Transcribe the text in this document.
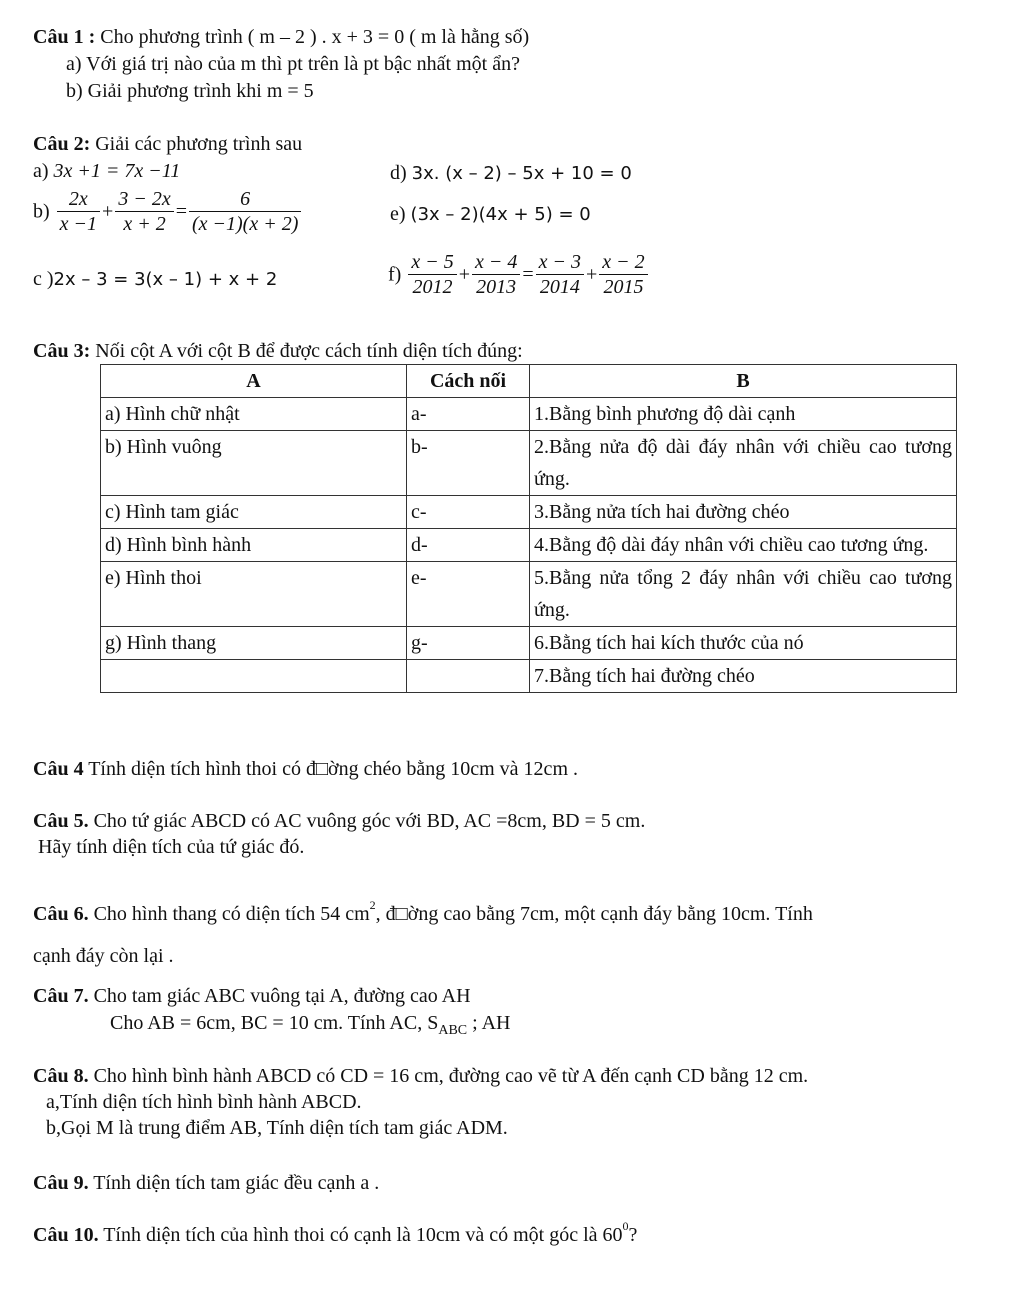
Câu 1 : Cho phương trình ( m – 2 ) . x + 3 = 0 ( m là hằng số)
a) Với giá trị nào của m thì pt trên là pt bậc nhất một ẩn?
b) Giải phương trình khi m = 5
Câu 2: Giải các phương trình sau
a) 3x +1 = 7x −11	d) 3x. (x – 2) – 5x + 10 = 0
$b) \frac{2x}{x -1} + \frac{3 - 2x}{x + 2} = \frac{6}{(x -1)(x + 2)}$	e) (3x – 2)(4x + 5) = 0
c )2x – 3 = 3(x – 1) + x + 2	$f) \frac{x - 5}{2012} + \frac{x - 4}{2013} = \frac{x - 3}{2014} + \frac{x - 2}{2015}$
Câu 3: Nối cột A với cột B để được cách tính diện tích đúng:
A	Cách nối	B
a) Hình chữ nhật	a-	1.Bằng bình phương độ dài cạnh
b) Hình vuông	b-	2.Bằng nửa độ dài đáy nhân với chiều cao tương ứng.
c) Hình tam giác	c-	3.Bằng nửa tích hai đường chéo
d) Hình bình hành	d-	4.Bằng độ dài đáy nhân với chiều cao tương ứng.
e) Hình thoi	e-	5.Bằng nửa tổng 2 đáy nhân với chiều cao tương ứng.
g) Hình thang	g-	6.Bằng tích hai kích thước của nó
		7.Bằng tích hai đường chéo
Câu 4 Tính diện tích hình thoi có đ□ờng chéo bằng 10cm và 12cm .
Câu 5. Cho tứ giác ABCD có AC vuông góc với BD, AC =8cm, BD = 5 cm.
Hãy tính diện tích của tứ giác đó.
Câu 6. Cho hình thang có diện tích 54 $cm^2$, đ□ờng cao bằng 7cm, một cạnh đáy bằng 10cm. Tính
cạnh đáy còn lại .
Câu 7. Cho tam giác ABC vuông tại A, đường cao AH
Cho AB = 6cm, BC = 10 cm. Tính AC, $S_{ABC}$ ; AH
Câu 8. Cho hình bình hành ABCD có CD = 16 cm, đường cao vẽ từ A đến cạnh CD bằng 12 cm.
a,Tính diện tích hình bình hành ABCD.
b,Gọi M là trung điểm AB, Tính diện tích tam giác ADM.
Câu 9. Tính diện tích tam giác đều cạnh a .
Câu 10. Tính diện tích của hình thoi có cạnh là 10cm và có một góc là $60^0$?
